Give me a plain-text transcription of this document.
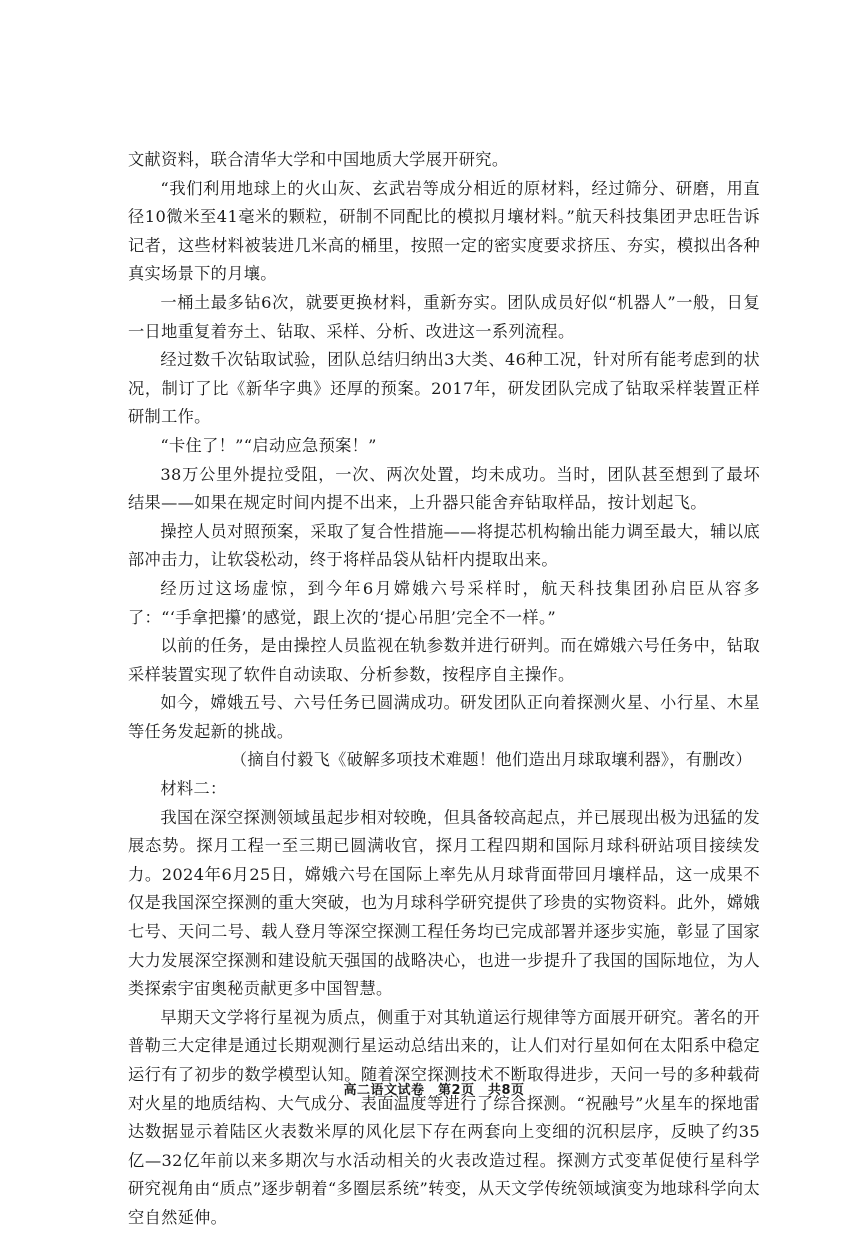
文献资料，联合清华大学和中国地质大学展开研究。

“我们利用地球上的火山灰、玄武岩等成分相近的原材料，经过筛分、研磨，用直径10微米至41毫米的颗粒，研制不同配比的模拟月壤材料。”航天科技集团尹忠旺告诉记者，这些材料被装进几米高的桶里，按照一定的密实度要求挤压、夯实，模拟出各种真实场景下的月壤。

一桶土最多钻6次，就要更换材料，重新夯实。团队成员好似“机器人”一般，日复一日地重复着夯土、钻取、采样、分析、改进这一系列流程。

经过数千次钻取试验，团队总结归纳出3大类、46种工况，针对所有能考虑到的状况，制订了比《新华字典》还厚的预案。2017年，研发团队完成了钻取采样装置正样研制工作。

“卡住了！”“启动应急预案！”

38万公里外提拉受阻，一次、两次处置，均未成功。当时，团队甚至想到了最坏结果——如果在规定时间内提不出来，上升器只能舍弃钻取样品，按计划起飞。

操控人员对照预案，采取了复合性措施——将提芯机构输出能力调至最大，辅以底部冲击力，让软袋松动，终于将样品袋从钻杆内提取出来。

经历过这场虚惊，到今年6月嫦娥六号采样时，航天科技集团孙启臣从容多了：“‘手拿把攥’的感觉，跟上次的‘提心吊胆’完全不一样。”

以前的任务，是由操控人员监视在轨参数并进行研判。而在嫦娥六号任务中，钻取采样装置实现了软件自动读取、分析参数，按程序自主操作。

如今，嫦娥五号、六号任务已圆满成功。研发团队正向着探测火星、小行星、木星等任务发起新的挑战。

（摘自付毅飞《破解多项技术难题！他们造出月球取壤利器》，有删改）

材料二：

我国在深空探测领域虽起步相对较晚，但具备较高起点，并已展现出极为迅猛的发展态势。探月工程一至三期已圆满收官，探月工程四期和国际月球科研站项目接续发力。2024年6月25日，嫦娥六号在国际上率先从月球背面带回月壤样品，这一成果不仅是我国深空探测的重大突破，也为月球科学研究提供了珍贵的实物资料。此外，嫦娥七号、天问二号、载人登月等深空探测工程任务均已完成部署并逐步实施，彰显了国家大力发展深空探测和建设航天强国的战略决心，也进一步提升了我国的国际地位，为人类探索宇宙奥秘贡献更多中国智慧。

早期天文学将行星视为质点，侧重于对其轨道运行规律等方面展开研究。著名的开普勒三大定律是通过长期观测行星运动总结出来的，让人们对行星如何在太阳系中稳定运行有了初步的数学模型认知。随着深空探测技术不断取得进步，天问一号的多种载荷对火星的地质结构、大气成分、表面温度等进行了综合探测。“祝融号”火星车的探地雷达数据显示着陆区火表数米厚的风化层下存在两套向上变细的沉积层序，反映了约35亿—32亿年前以来多期次与水活动相关的火表改造过程。探测方式变革促使行星科学研究视角由“质点”逐步朝着“多圈层系统”转变，从天文学传统领域演变为地球科学向太空自然延伸。

高二语文试卷　第2页　共8页
